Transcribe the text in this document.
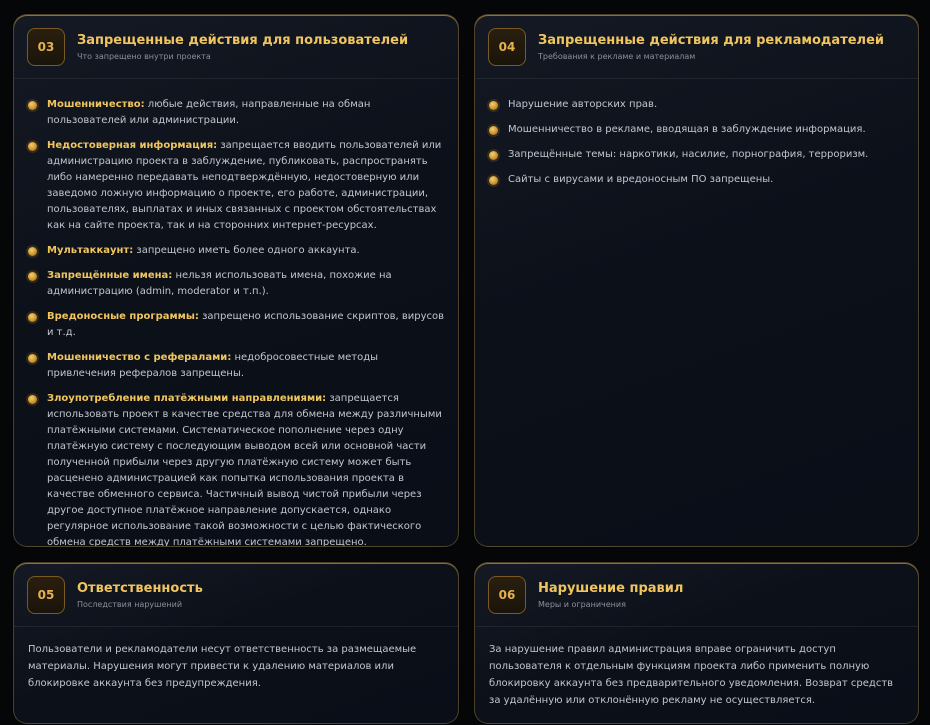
03	Запрещенные действия для пользователей
Что запрещено внутри проекта
Мошенничество: любые действия, направленные на обман пользователей или администрации.
Недостоверная информация: запрещается вводить пользователей или администрацию проекта в заблуждение, публиковать, распространять либо намеренно передавать неподтверждённую, недостоверную или заведомо ложную информацию о проекте, его работе, администрации, пользователях, выплатах и иных связанных с проектом обстоятельствах как на сайте проекта, так и на сторонних интернет-ресурсах.
Мультаккаунт: запрещено иметь более одного аккаунта.
Запрещённые имена: нельзя использовать имена, похожие на администрацию (admin, moderator и т.п.).
Вредоносные программы: запрещено использование скриптов, вирусов и т.д.
Мошенничество с рефералами: недобросовестные методы привлечения рефералов запрещены.
Злоупотребление платёжными направлениями: запрещается использовать проект в качестве средства для обмена между различными платёжными системами. Систематическое пополнение через одну платёжную систему с последующим выводом всей или основной части полученной прибыли через другую платёжную систему может быть расценено администрацией как попытка использования проекта в качестве обменного сервиса. Частичный вывод чистой прибыли через другое доступное платёжное направление допускается, однако регулярное использование такой возможности с целью фактического обмена средств между платёжными системами запрещено.
04	Запрещенные действия для рекламодателей
Требования к рекламе и материалам
Нарушение авторских прав.
Мошенничество в рекламе, вводящая в заблуждение информация.
Запрещённые темы: наркотики, насилие, порнография, терроризм.
Сайты с вирусами и вредоносным ПО запрещены.
05	Ответственность
Последствия нарушений

Пользователи и рекламодатели несут ответственность за размещаемые материалы. Нарушения могут привести к удалению материалов или блокировке аккаунта без предупреждения.

06	Нарушение правил
Меры и ограничения

За нарушение правил администрация вправе ограничить доступ пользователя к отдельным функциям проекта либо применить полную блокировку аккаунта без предварительного уведомления. Возврат средств за удалённую или отклонённую рекламу не осуществляется.
